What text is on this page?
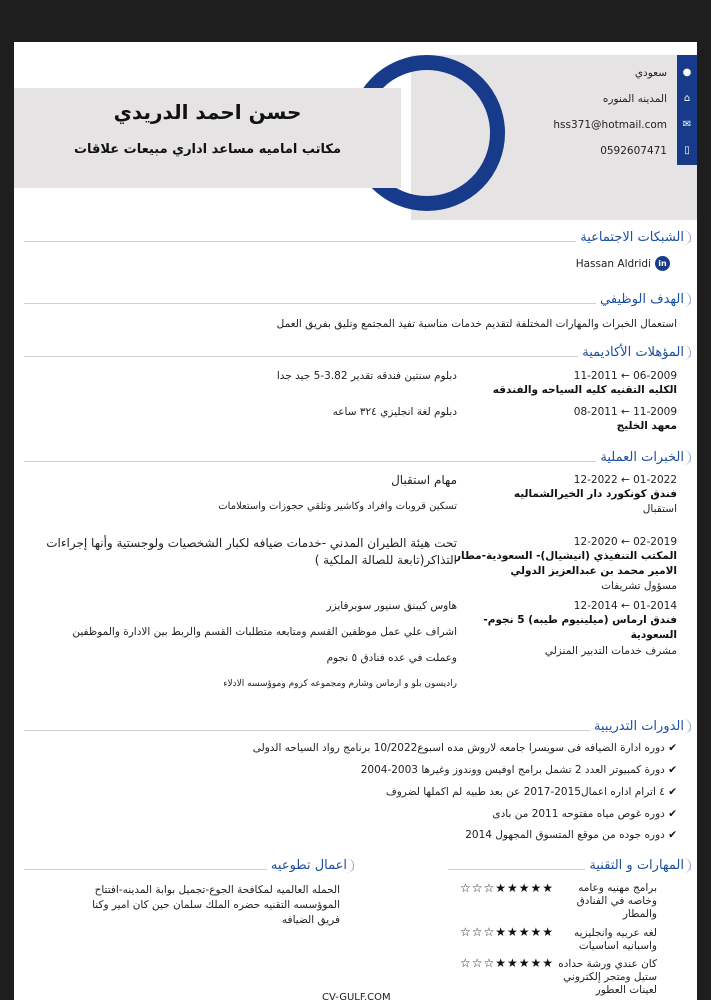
●
⌂
✉
▯
سعودي
المدينه المنوره
hss371@hotmail.com
0592607471
حسن احمد الدريدي
مكاتب اماميه مساعد اداري مبيعات علاقات
الشبكات الاجتماعية
in
Hassan Aldridi
الهدف الوظيفي
استعمال الخبرات والمهارات المختلفة لتقديم خدمات مناسبة تفيد المجتمع وتليق بفريق العمل
المؤهلات الأكاديمية
06-2009 ← 11-2011
الكليه التقنيه كليه السياحه والفندقه
دبلوم سنتين فندقه تقدير 3.82-5 جيد جدا
11-2009 ← 08-2011
معهد الخليج
دبلوم لغة انجليزي ٣٢٤ ساعه
الخبرات العملية
01-2022 ← 12-2022
فندق كونكورد دار الخيرالشماليه
استقبال
مهام استقبال
تسكين قروبات وافراد وكاشير وتلقي حجوزات واستعلامات
02-2019 ← 12-2020
المكتب التنفيذي (انيشيال)- السعودية-مطار
الامير محمد بن عبدالعزيز الدولي
مسؤول تشريفات
تحت هيئة الطيران المدني -خدمات ضيافه لكبار الشخصيات ولوجستية وأنها إجراءات
التذاكر(تابعة للصالة الملكية )
01-2014 ← 12-2014
فندق ارماس (ميلينيوم طيبه) 5 نجوم-
السعودية
مشرف خدمات التدبير المنزلي
هاوس كيبنق سنيور سوبرفايزر
اشراف علي عمل موظفين القسم ومتابعه متطلبات القسم والربط بين الادارة والموظفين
وعملت في عده فنادق ٥ نجوم
راديسون بلو و ارماس وشارم ومجموعه كروم وموؤسسه الادلاء
الدورات التدريبية
✔ دوره ادارة الضيافه فى سويسرا جامعه لاروش مده اسبوع10/2022 برنامج رواد السياحه الدولى
✔ دورة كمبيوتر العدد 2 تشمل برامج اوفيس ووندوز وغيرها 2003-2004
✔ ٤ اترام اداره اعمال2015-2017 عن بعد طبيه لم اكملها لضروف
✔ دوره غوص مياه مفتوحه 2011 من بادى
✔ دوره جوده من موقع المتسوق المجهول 2014
المهارات و التقنية
برامج مهنيه وعامه
وخاصه في الفنادق
والمطار
☆☆☆★★★★★
لغه عربيه وانجليزيه
واسبانيه اساسيات
☆☆☆★★★★★
كان عندي ورشة حداده
ستيل ومتجر إلكتروني
لعينات العطور
☆☆☆★★★★★
اعمال تطوعيه
الحمله العالميه لمكافحة الجوع-تجميل بوابة المدينه-افتتاح الموؤسسه التقنيه حضره الملك سلمان حين كان امير وكنا فريق الضيافه
CV-GULF.COM
